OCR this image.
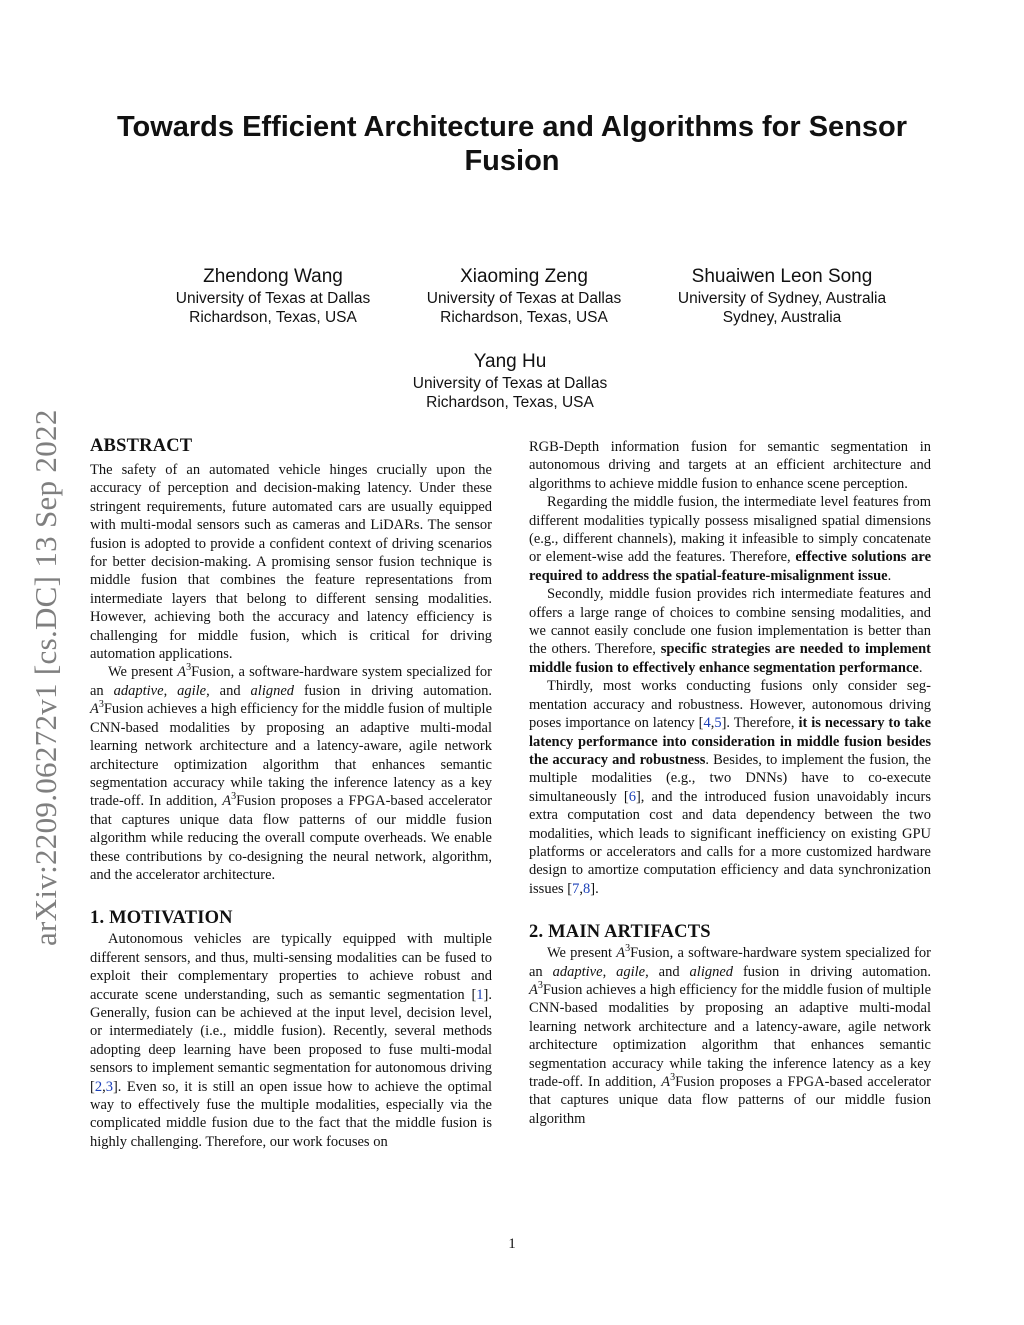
Towards Efficient Architecture and Algorithms for Sensor Fusion
Zhendong Wang
University of Texas at Dallas
Richardson, Texas, USA
Xiaoming Zeng
University of Texas at Dallas
Richardson, Texas, USA
Shuaiwen Leon Song
University of Sydney, Australia
Sydney, Australia
Yang Hu
University of Texas at Dallas
Richardson, Texas, USA
arXiv:2209.06272v1 [cs.DC] 13 Sep 2022 ABSTRACT

The safety of an automated vehicle hinges crucially upon the accuracy of perception and decision-making latency. Under these stringent requirements, future automated cars are usually equipped with multi-modal sensors such as cameras and LiDARs. The sensor fusion is adopted to provide a confident context of driving scenarios for better decision-making. A promising sensor fusion technique is middle fusion that combines the feature representations from intermediate layers that belong to different sensing modalities. However, achieving both the accuracy and latency efficiency is challenging for middle fusion, which is critical for driving automation applications.

We present $A^3Fusion$, a software-hardware system specialized for an adaptive, agile, and aligned fusion in driving automation. $A^3Fusion$ achieves a high efficiency for the middle fusion of multiple CNN-based modalities by proposing an adaptive multi-modal learning network architecture and a latency-aware, agile network architecture optimization algorithm that enhances semantic segmentation accuracy while taking the inference latency as a key trade-off. In addition, $A^3Fusion$ proposes a FPGA-based accelerator that captures unique data flow patterns of our middle fusion algorithm while reducing the overall compute overheads. We enable these contributions by co-designing the neural network, algorithm, and the accelerator architecture.

1. MOTIVATION

Autonomous vehicles are typically equipped with multiple different sensors, and thus, multi-sensing modalities can be fused to exploit their complementary properties to achieve robust and accurate scene understanding, such as semantic segmentation [1]. Generally, fusion can be achieved at the input level, decision level, or intermediately (i.e., middle fusion). Recently, several methods adopting deep learning have been proposed to fuse multi-modal sensors to implement semantic segmentation for autonomous driving [2,3]. Even so, it is still an open issue how to achieve the optimal way to effectively fuse the multiple modalities, especially via the complicated middle fusion due to the fact that the middle fusion is highly challenging. Therefore, our work focuses on

RGB-Depth information fusion for semantic segmentation in autonomous driving and targets at an efficient architecture and algorithms to achieve middle fusion to enhance scene perception.

Regarding the middle fusion, the intermediate level features from different modalities typically possess misaligned spatial dimensions (e.g., different channels), making it infeasible to simply concatenate or element-wise add the features. Therefore, effective solutions are required to address the spatial-feature-misalignment issue.

Secondly, middle fusion provides rich intermediate features and offers a large range of choices to combine sensing modalities, and we cannot easily conclude one fusion implementation is better than the others. Therefore, specific strategies are needed to implement middle fusion to effectively enhance segmentation performance.

Thirdly, most works conducting fusions only consider segmentation accuracy and robustness. However, autonomous driving poses importance on latency [4,5]. Therefore, it is necessary to take latency performance into consideration in middle fusion besides the accuracy and robustness. Besides, to implement the fusion, the multiple modalities (e.g., two DNNs) have to co-execute simultaneously [6], and the introduced fusion unavoidably incurs extra computation cost and data dependency between the two modalities, which leads to significant inefficiency on existing GPU platforms or accelerators and calls for a more customized hardware design to amortize computation efficiency and data synchronization issues [7,8].

2. MAIN ARTIFACTS

We present $A^3Fusion$, a software-hardware system specialized for an adaptive, agile, and aligned fusion in driving automation. $A^3Fusion$ achieves a high efficiency for the middle fusion of multiple CNN-based modalities by proposing an adaptive multi-modal learning network architecture and a latency-aware, agile network architecture optimization algorithm that enhances semantic segmentation accuracy while taking the inference latency as a key trade-off. In addition, $A^3Fusion$ proposes a FPGA-based accelerator that captures unique data flow patterns of our middle fusion algorithm

1
